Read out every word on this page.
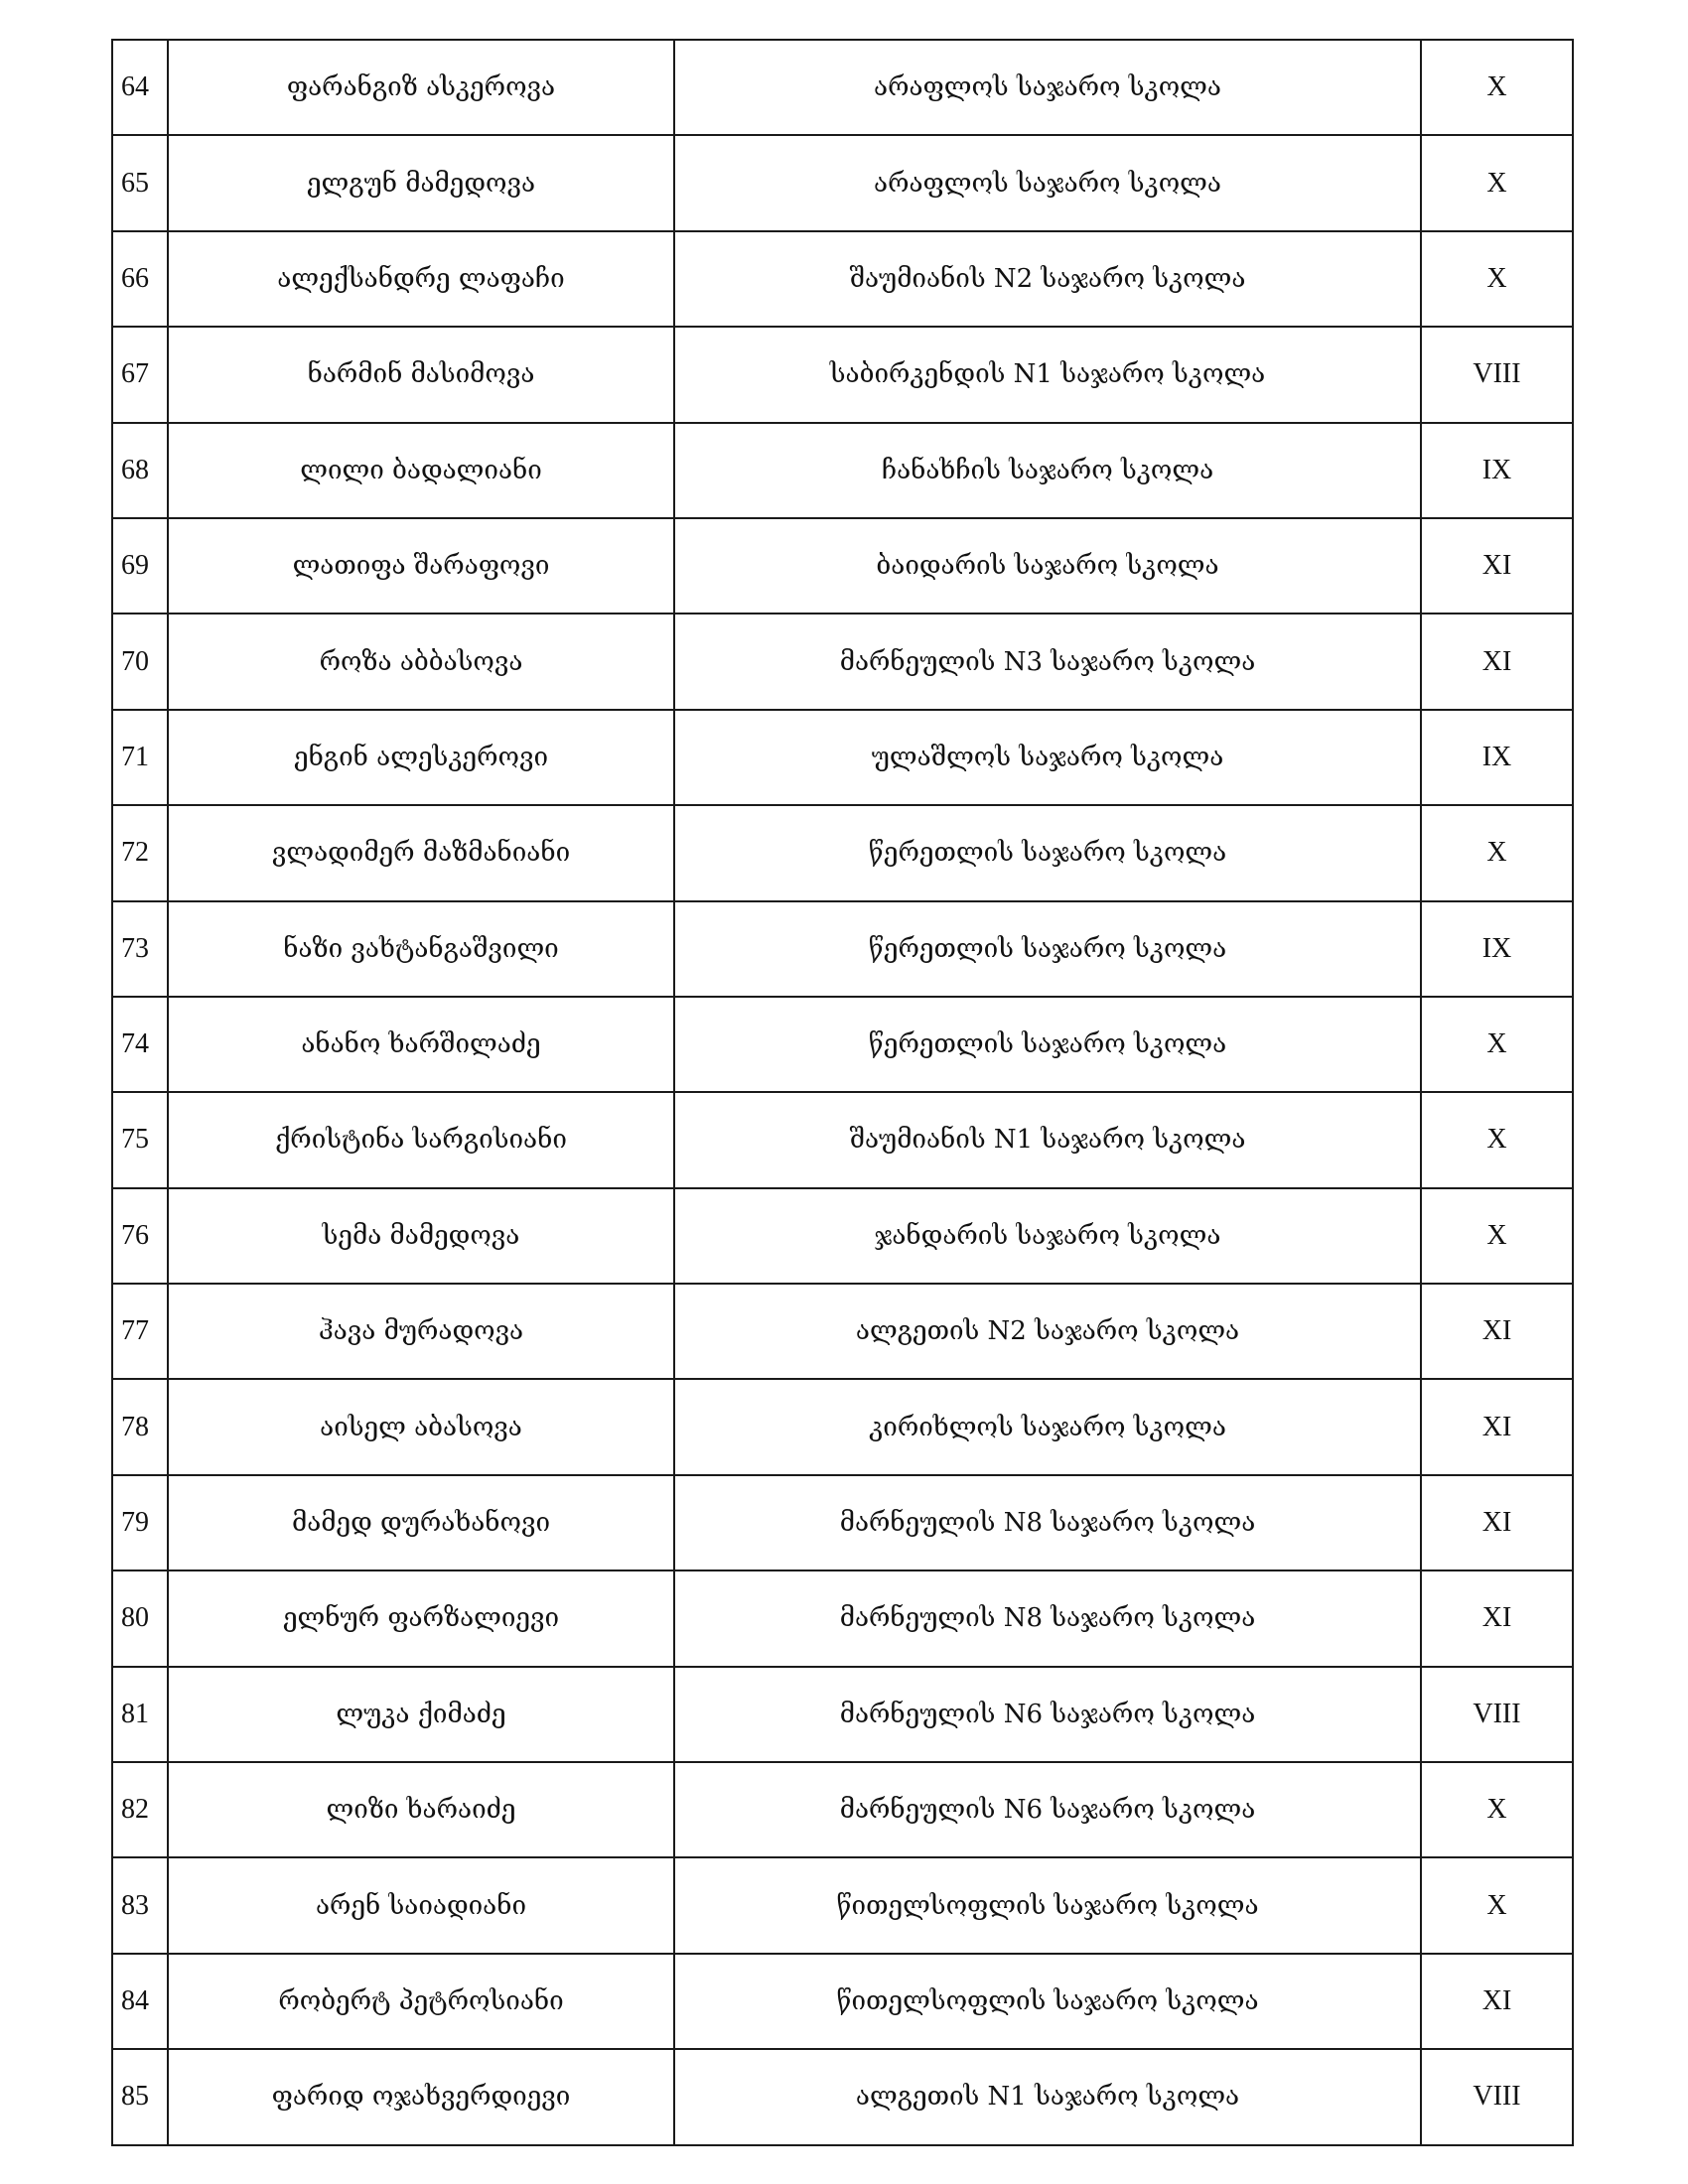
64	ფარანგიზ ასკეროვა	არაფლოს საჯარო სკოლა	X
65	ელგუნ მამედოვა	არაფლოს საჯარო სკოლა	X
66	ალექსანდრე ლაფაჩი	შაუმიანის N2 საჯარო სკოლა	X
67	ნარმინ მასიმოვა	საბირკენდის N1 საჯარო სკოლა	VIII
68	ლილი ბადალიანი	ჩანახჩის საჯარო სკოლა	IX
69	ლათიფა შარაფოვი	ბაიდარის საჯარო სკოლა	XI
70	როზა აბბასოვა	მარნეულის N3 საჯარო სკოლა	XI
71	ენგინ ალესკეროვი	ულაშლოს საჯარო სკოლა	IX
72	ვლადიმერ მაზმანიანი	წერეთლის საჯარო სკოლა	X
73	ნაზი ვახტანგაშვილი	წერეთლის საჯარო სკოლა	IX
74	ანანო ხარშილაძე	წერეთლის საჯარო სკოლა	X
75	ქრისტინა სარგისიანი	შაუმიანის N1 საჯარო სკოლა	X
76	სემა მამედოვა	ჯანდარის საჯარო სკოლა	X
77	ჰავა მურადოვა	ალგეთის N2 საჯარო სკოლა	XI
78	აისელ აბასოვა	კირიხლოს საჯარო სკოლა	XI
79	მამედ დურახანოვი	მარნეულის N8 საჯარო სკოლა	XI
80	ელნურ ფარზალიევი	მარნეულის N8 საჯარო სკოლა	XI
81	ლუკა ქიმაძე	მარნეულის N6 საჯარო სკოლა	VIII
82	ლიზი ხარაიძე	მარნეულის N6 საჯარო სკოლა	X
83	არენ საიადიანი	წითელსოფლის საჯარო სკოლა	X
84	რობერტ პეტროსიანი	წითელსოფლის საჯარო სკოლა	XI
85	ფარიდ ოჯახვერდიევი	ალგეთის N1 საჯარო სკოლა	VIII
